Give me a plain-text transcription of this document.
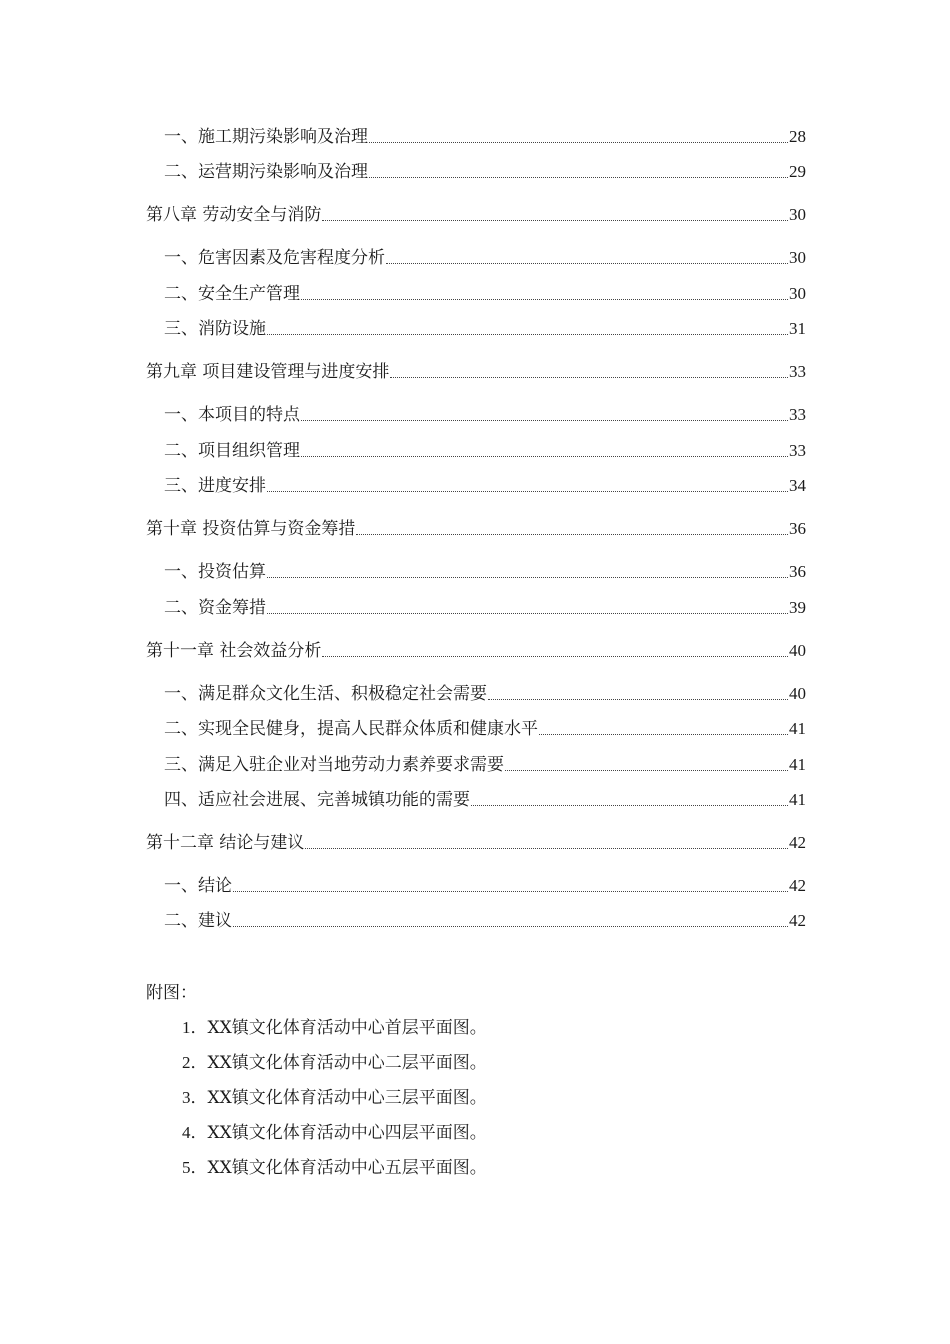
一、施工期污染影响及治理	28
二、运营期污染影响及治理	29
第八章 劳动安全与消防	30
一、危害因素及危害程度分析	30
二、安全生产管理	30
三、消防设施	31
第九章 项目建设管理与进度安排	33
一、本项目的特点	33
二、项目组织管理	33
三、进度安排	34
第十章 投资估算与资金筹措	36
一、投资估算	36
二、资金筹措	39
第十一章 社会效益分析	40
一、满足群众文化生活、积极稳定社会需要	40
二、实现全民健身，提高人民群众体质和健康水平	41
三、满足入驻企业对当地劳动力素养要求需要	41
四、适应社会进展、完善城镇功能的需要	41
第十二章 结论与建议	42
一、结论	42
二、建议	42
附图：
1．XX镇文化体育活动中心首层平面图。
2．XX镇文化体育活动中心二层平面图。
3．XX镇文化体育活动中心三层平面图。
4．XX镇文化体育活动中心四层平面图。
5．XX镇文化体育活动中心五层平面图。
